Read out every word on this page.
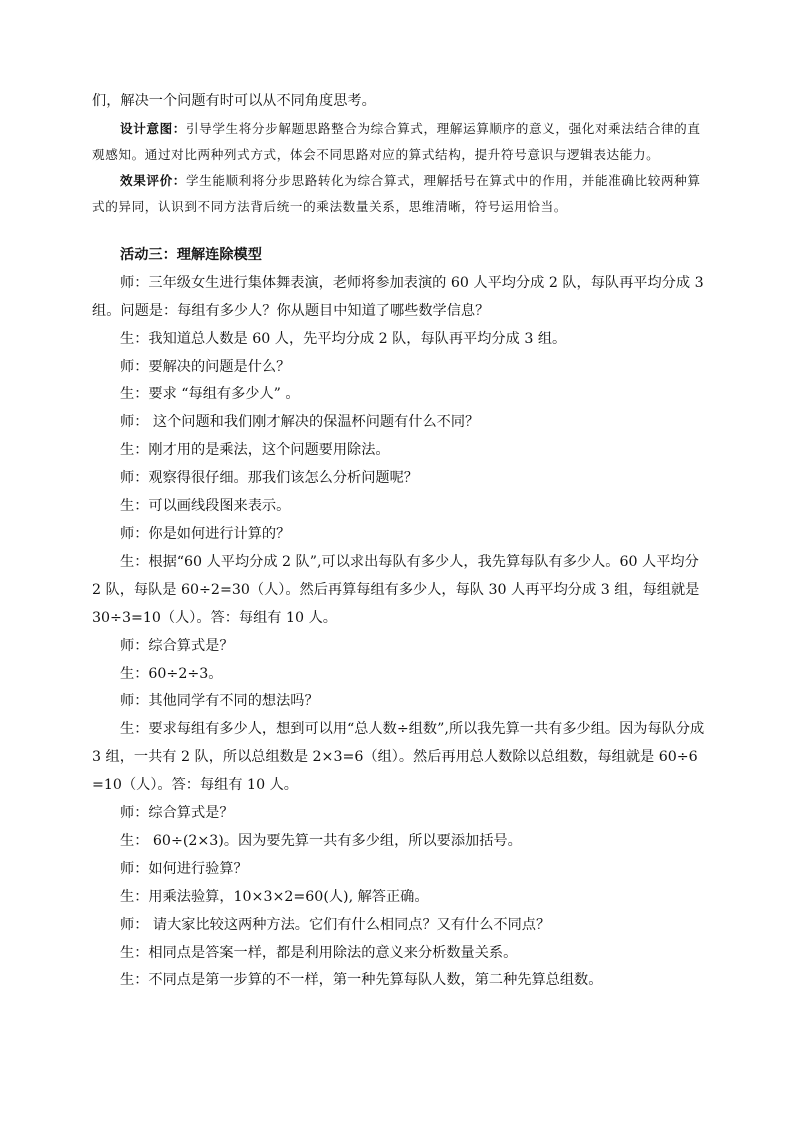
们，解决一个问题有时可以从不同角度思考。

设计意图：引导学生将分步解题思路整合为综合算式，理解运算顺序的意义，强化对乘法结合律的直观感知。通过对比两种列式方式，体会不同思路对应的算式结构，提升符号意识与逻辑表达能力。

效果评价：学生能顺利将分步思路转化为综合算式，理解括号在算式中的作用，并能准确比较两种算式的异同，认识到不同方法背后统一的乘法数量关系，思维清晰，符号运用恰当。

活动三：理解连除模型

师：三年级女生进行集体舞表演，老师将参加表演的 60 人平均分成 2 队，每队再平均分成 3 组。问题是：每组有多少人？你从题目中知道了哪些数学信息？

生：我知道总人数是 60 人，先平均分成 2 队，每队再平均分成 3 组。

师：要解决的问题是什么？

生：要求 “每组有多少人” 。

师： 这个问题和我们刚才解决的保温杯问题有什么不同？

生：刚才用的是乘法，这个问题要用除法。

师：观察得很仔细。那我们该怎么分析问题呢？

生：可以画线段图来表示。

师：你是如何进行计算的？

生：根据“60 人平均分成 2 队”,可以求出每队有多少人，我先算每队有多少人。60 人平均分 2 队，每队是 60÷2=30（人）。然后再算每组有多少人，每队 30 人再平均分成 3 组，每组就是 30÷3=10（人）。答：每组有 10 人。

师：综合算式是？

生：60÷2÷3。

师：其他同学有不同的想法吗？

生：要求每组有多少人，想到可以用“总人数÷组数”,所以我先算一共有多少组。因为每队分成 3 组，一共有 2 队，所以总组数是 2×3=6（组）。然后再用总人数除以总组数，每组就是 60÷6=10（人）。答：每组有 10 人。

师：综合算式是？

生： 60÷(2×3)。因为要先算一共有多少组，所以要添加括号。

师：如何进行验算？

生：用乘法验算，10×3×2=60(人), 解答正确。

师： 请大家比较这两种方法。它们有什么相同点？又有什么不同点？

生：相同点是答案一样，都是利用除法的意义来分析数量关系。

生：不同点是第一步算的不一样，第一种先算每队人数，第二种先算总组数。
